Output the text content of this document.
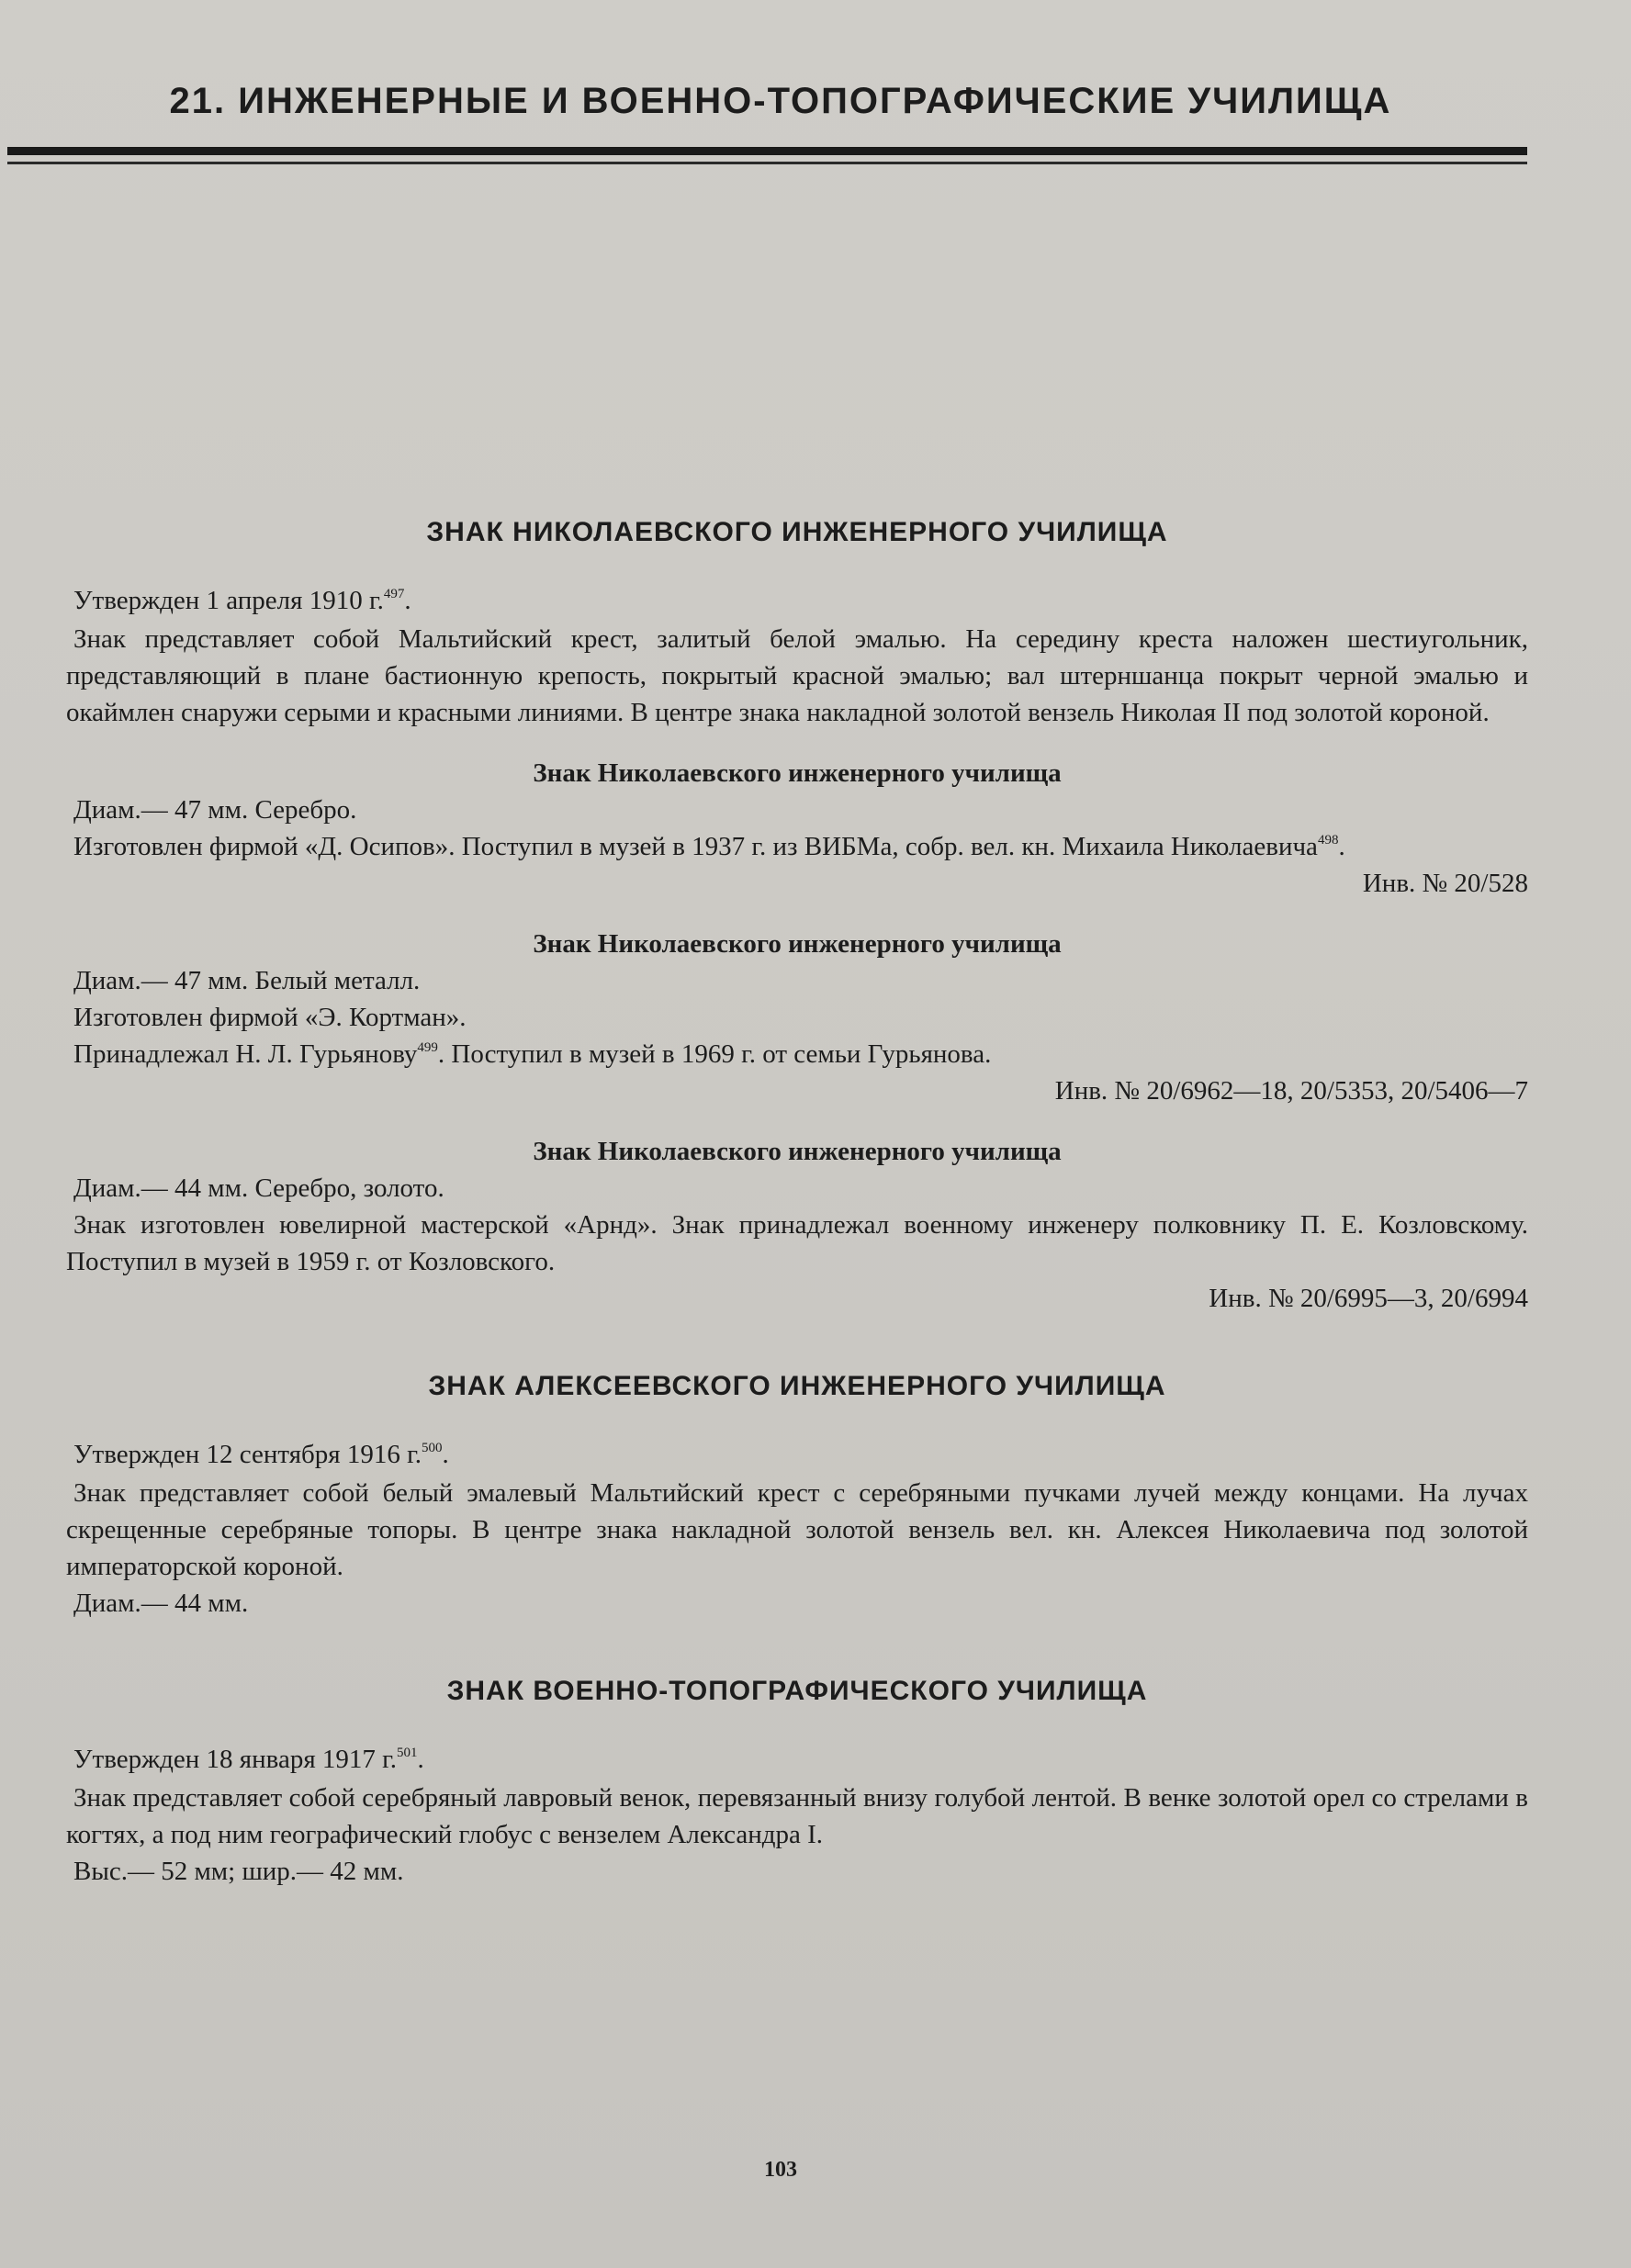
21. ИНЖЕНЕРНЫЕ И ВОЕННО-ТОПОГРАФИЧЕСКИЕ УЧИЛИЩА
ЗНАК НИКОЛАЕВСКОГО ИНЖЕНЕРНОГО УЧИЛИЩА

Утвержден 1 апреля 1910 г.$^{497}$.

Знак представляет собой Мальтийский крест, залитый белой эмалью. На середину креста наложен шестиугольник, представляющий в плане бастионную крепость, покрытый красной эмалью; вал штерншанца покрыт черной эмалью и окаймлен снаружи серыми и красными линиями. В центре знака накладной золотой вензель Николая II под золотой короной.

Знак Николаевского инженерного училища

Диам.— 47 мм. Серебро.

Изготовлен фирмой «Д. Осипов». Поступил в музей в 1937 г. из ВИБМа, собр. вел. кн. Михаила Николаевича$^{498}$.

Инв. № 20/528

Знак Николаевского инженерного училища

Диам.— 47 мм. Белый металл.

Изготовлен фирмой «Э. Кортман».

Принадлежал Н. Л. Гурьянову$^{499}$. Поступил в музей в 1969 г. от семьи Гурьянова.

Инв. № 20/6962—18, 20/5353, 20/5406—7

Знак Николаевского инженерного училища

Диам.— 44 мм. Серебро, золото.

Знак изготовлен ювелирной мастерской «Арнд». Знак принадлежал военному инженеру полковнику П. Е. Козловскому. Поступил в музей в 1959 г. от Козловского.

Инв. № 20/6995—3, 20/6994

ЗНАК АЛЕКСЕЕВСКОГО ИНЖЕНЕРНОГО УЧИЛИЩА

Утвержден 12 сентября 1916 г.$^{500}$.

Знак представляет собой белый эмалевый Мальтийский крест с серебряными пучками лучей между концами. На лучах скрещенные серебряные топоры. В центре знака накладной золотой вензель вел. кн. Алексея Николаевича под золотой императорской короной.

Диам.— 44 мм.

ЗНАК ВОЕННО-ТОПОГРАФИЧЕСКОГО УЧИЛИЩА

Утвержден 18 января 1917 г.$^{501}$.

Знак представляет собой серебряный лавровый венок, перевязанный внизу голубой лентой. В венке золотой орел со стрелами в когтях, а под ним географический глобус с вензелем Александра I.

Выс.— 52 мм; шир.— 42 мм.

103
